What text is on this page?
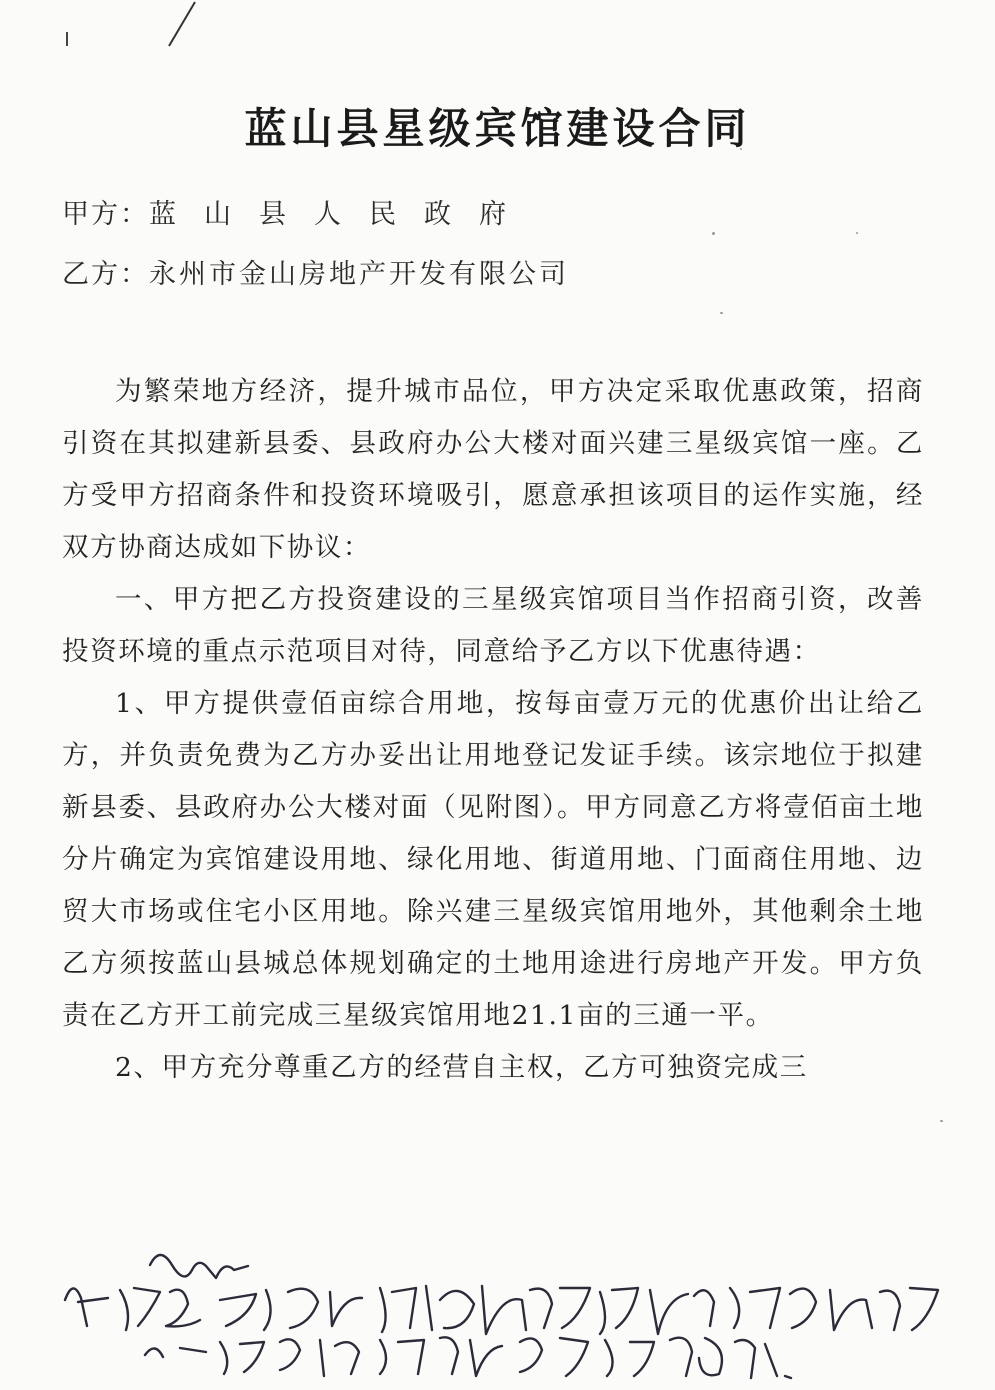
蓝山县星级宾馆建设合同
甲方：蓝山县人民政府
乙方：永州市金山房地产开发有限公司

为繁荣地方经济，提升城市品位，甲方决定采取优惠政策，招商引资在其拟建新县委、县政府办公大楼对面兴建三星级宾馆一座。乙方受甲方招商条件和投资环境吸引，愿意承担该项目的运作实施，经双方协商达成如下协议：

一、甲方把乙方投资建设的三星级宾馆项目当作招商引资，改善投资环境的重点示范项目对待，同意给予乙方以下优惠待遇：

1、甲方提供壹佰亩综合用地，按每亩壹万元的优惠价出让给乙方，并负责免费为乙方办妥出让用地登记发证手续。该宗地位于拟建新县委、县政府办公大楼对面（见附图）。甲方同意乙方将壹佰亩土地分片确定为宾馆建设用地、绿化用地、街道用地、门面商住用地、边贸大市场或住宅小区用地。除兴建三星级宾馆用地外，其他剩余土地乙方须按蓝山县城总体规划确定的土地用途进行房地产开发。甲方负责在乙方开工前完成三星级宾馆用地21.1亩的三通一平。

2、甲方充分尊重乙方的经营自主权，乙方可独资完成三
